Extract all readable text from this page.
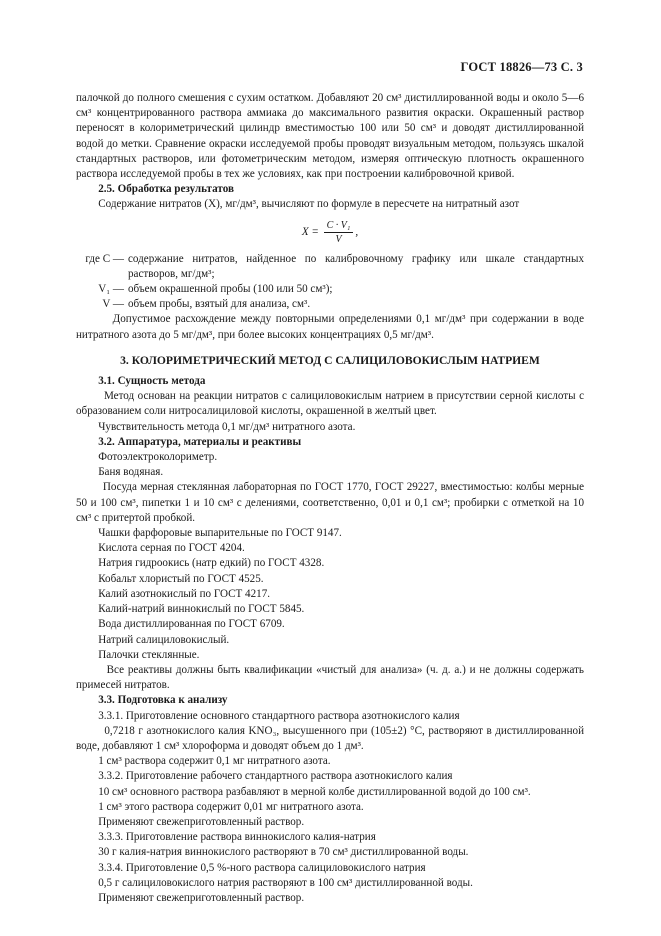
ГОСТ 18826—73 С. 3

палочкой до полного смешения с сухим остатком. Добавляют 20 см³ дистиллированной воды и около 5—6 см³ концентрированного раствора аммиака до максимального развития окраски. Окрашенный раствор переносят в колориметрический цилиндр вместимостью 100 или 50 см³ и доводят дистиллированной водой до метки. Сравнение окраски исследуемой пробы проводят визуальным методом, пользуясь шкалой стандартных растворов, или фотометрическим методом, измеряя оптическую плотность окрашенного раствора исследуемой пробы в тех же условиях, как при построении калибровочной кривой.

2.5. Обработка результатов

Содержание нитратов (X), мг/дм³, вычисляют по формуле в пересчете на нитратный азот

$X = \frac{\text{C · V₁}}{V}$ ,
где C — содержание нитратов, найденное по калибровочному графику или шкале стандартных растворов, мг/дм³;
V₁ — объем окрашенной пробы (100 или 50 см³);
V — объем пробы, взятый для анализа, см³.

Допустимое расхождение между повторными определениями 0,1 мг/дм³ при содержании в воде нитратного азота до 5 мг/дм³, при более высоких концентрациях 0,5 мг/дм³.

3. КОЛОРИМЕТРИЧЕСКИЙ МЕТОД С САЛИЦИЛОВОКИСЛЫМ НАТРИЕМ

3.1. Сущность метода

Метод основан на реакции нитратов с салициловокислым натрием в присутствии серной кислоты с образованием соли нитросалициловой кислоты, окрашенной в желтый цвет.

Чувствительность метода 0,1 мг/дм³ нитратного азота.

3.2. Аппаратура, материалы и реактивы

Фотоэлектроколориметр.

Баня водяная.

Посуда мерная стеклянная лабораторная по ГОСТ 1770, ГОСТ 29227, вместимостью: колбы мерные 50 и 100 см³, пипетки 1 и 10 см³ с делениями, соответственно, 0,01 и 0,1 см³; пробирки с отметкой на 10 см³ с притертой пробкой.

Чашки фарфоровые выпарительные по ГОСТ 9147.

Кислота серная по ГОСТ 4204.

Натрия гидроокись (натр едкий) по ГОСТ 4328.

Кобальт хлористый по ГОСТ 4525.

Калий азотнокислый по ГОСТ 4217.

Калий-натрий виннокислый по ГОСТ 5845.

Вода дистиллированная по ГОСТ 6709.

Натрий салициловокислый.

Палочки стеклянные.

Все реактивы должны быть квалификации «чистый для анализа» (ч. д. а.) и не должны содержать примесей нитратов.

3.3. Подготовка к анализу

3.3.1. Приготовление основного стандартного раствора азотнокислого калия

0,7218 г азотнокислого калия KNO₃, высушенного при (105±2) °С, растворяют в дистиллированной воде, добавляют 1 см³ хлороформа и доводят объем до 1 дм³.

1 см³ раствора содержит 0,1 мг нитратного азота.

3.3.2. Приготовление рабочего стандартного раствора азотнокислого калия

10 см³ основного раствора разбавляют в мерной колбе дистиллированной водой до 100 см³.

1 см³ этого раствора содержит 0,01 мг нитратного азота.

Применяют свежеприготовленный раствор.

3.3.3. Приготовление раствора виннокислого калия-натрия

30 г калия-натрия виннокислого растворяют в 70 см³ дистиллированной воды.

3.3.4. Приготовление 0,5 %-ного раствора салициловокислого натрия

0,5 г салициловокислого натрия растворяют в 100 см³ дистиллированной воды.

Применяют свежеприготовленный раствор.
